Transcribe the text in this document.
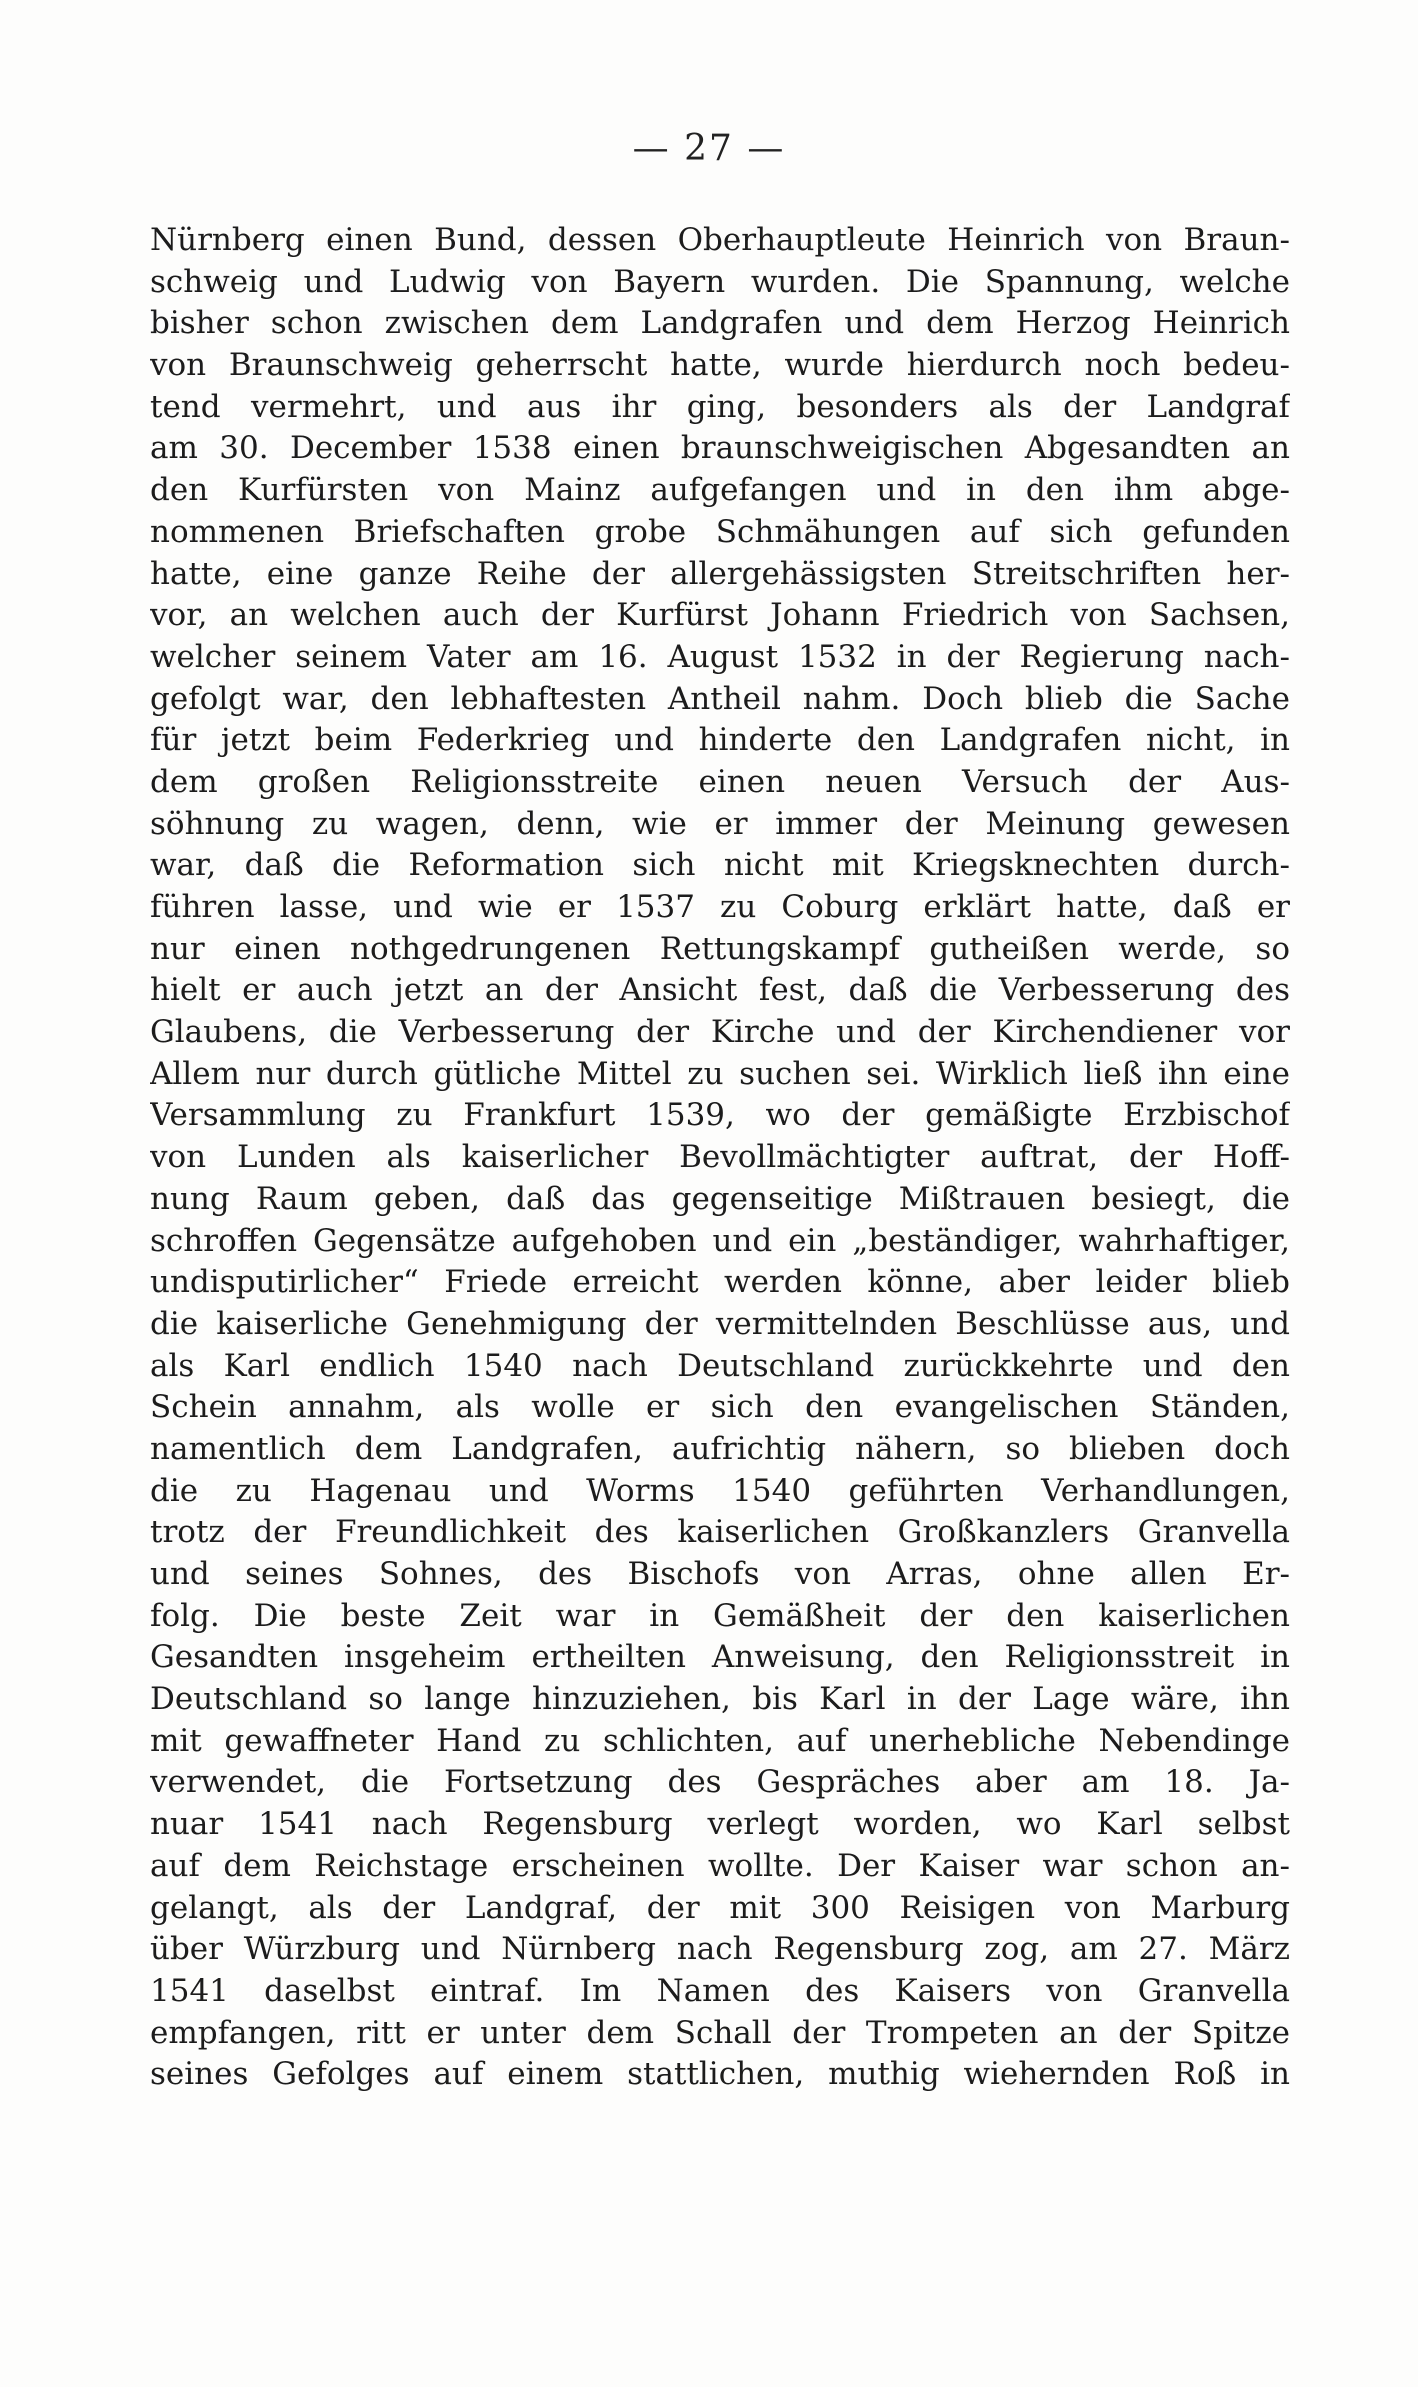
— 27 —
Nürnberg einen Bund, dessen Oberhauptleute Heinrich von Braun-
schweig und Ludwig von Bayern wurden. Die Spannung, welche
bisher schon zwischen dem Landgrafen und dem Herzog Heinrich
von Braunschweig geherrscht hatte, wurde hierdurch noch bedeu-
tend vermehrt, und aus ihr ging, besonders als der Landgraf
am 30. December 1538 einen braunschweigischen Abgesandten an
den Kurfürsten von Mainz aufgefangen und in den ihm abge-
nommenen Briefschaften grobe Schmähungen auf sich gefunden
hatte, eine ganze Reihe der allergehässigsten Streitschriften her-
vor, an welchen auch der Kurfürst Johann Friedrich von Sachsen,
welcher seinem Vater am 16. August 1532 in der Regierung nach-
gefolgt war, den lebhaftesten Antheil nahm. Doch blieb die Sache
für jetzt beim Federkrieg und hinderte den Landgrafen nicht, in
dem großen Religionsstreite einen neuen Versuch der Aus-
söhnung zu wagen, denn, wie er immer der Meinung gewesen
war, daß die Reformation sich nicht mit Kriegsknechten durch-
führen lasse, und wie er 1537 zu Coburg erklärt hatte, daß er
nur einen nothgedrungenen Rettungskampf gutheißen werde, so
hielt er auch jetzt an der Ansicht fest, daß die Verbesserung des
Glaubens, die Verbesserung der Kirche und der Kirchendiener vor
Allem nur durch gütliche Mittel zu suchen sei. Wirklich ließ ihn eine
Versammlung zu Frankfurt 1539, wo der gemäßigte Erzbischof
von Lunden als kaiserlicher Bevollmächtigter auftrat, der Hoff-
nung Raum geben, daß das gegenseitige Mißtrauen besiegt, die
schroffen Gegensätze aufgehoben und ein „beständiger, wahrhaftiger,
undisputirlicher“ Friede erreicht werden könne, aber leider blieb
die kaiserliche Genehmigung der vermittelnden Beschlüsse aus, und
als Karl endlich 1540 nach Deutschland zurückkehrte und den
Schein annahm, als wolle er sich den evangelischen Ständen,
namentlich dem Landgrafen, aufrichtig nähern, so blieben doch
die zu Hagenau und Worms 1540 geführten Verhandlungen,
trotz der Freundlichkeit des kaiserlichen Großkanzlers Granvella
und seines Sohnes, des Bischofs von Arras, ohne allen Er-
folg. Die beste Zeit war in Gemäßheit der den kaiserlichen
Gesandten insgeheim ertheilten Anweisung, den Religionsstreit in
Deutschland so lange hinzuziehen, bis Karl in der Lage wäre, ihn
mit gewaffneter Hand zu schlichten, auf unerhebliche Nebendinge
verwendet, die Fortsetzung des Gespräches aber am 18. Ja-
nuar 1541 nach Regensburg verlegt worden, wo Karl selbst
auf dem Reichstage erscheinen wollte. Der Kaiser war schon an-
gelangt, als der Landgraf, der mit 300 Reisigen von Marburg
über Würzburg und Nürnberg nach Regensburg zog, am 27. März
1541 daselbst eintraf. Im Namen des Kaisers von Granvella
empfangen, ritt er unter dem Schall der Trompeten an der Spitze
seines Gefolges auf einem stattlichen, muthig wiehernden Roß in
